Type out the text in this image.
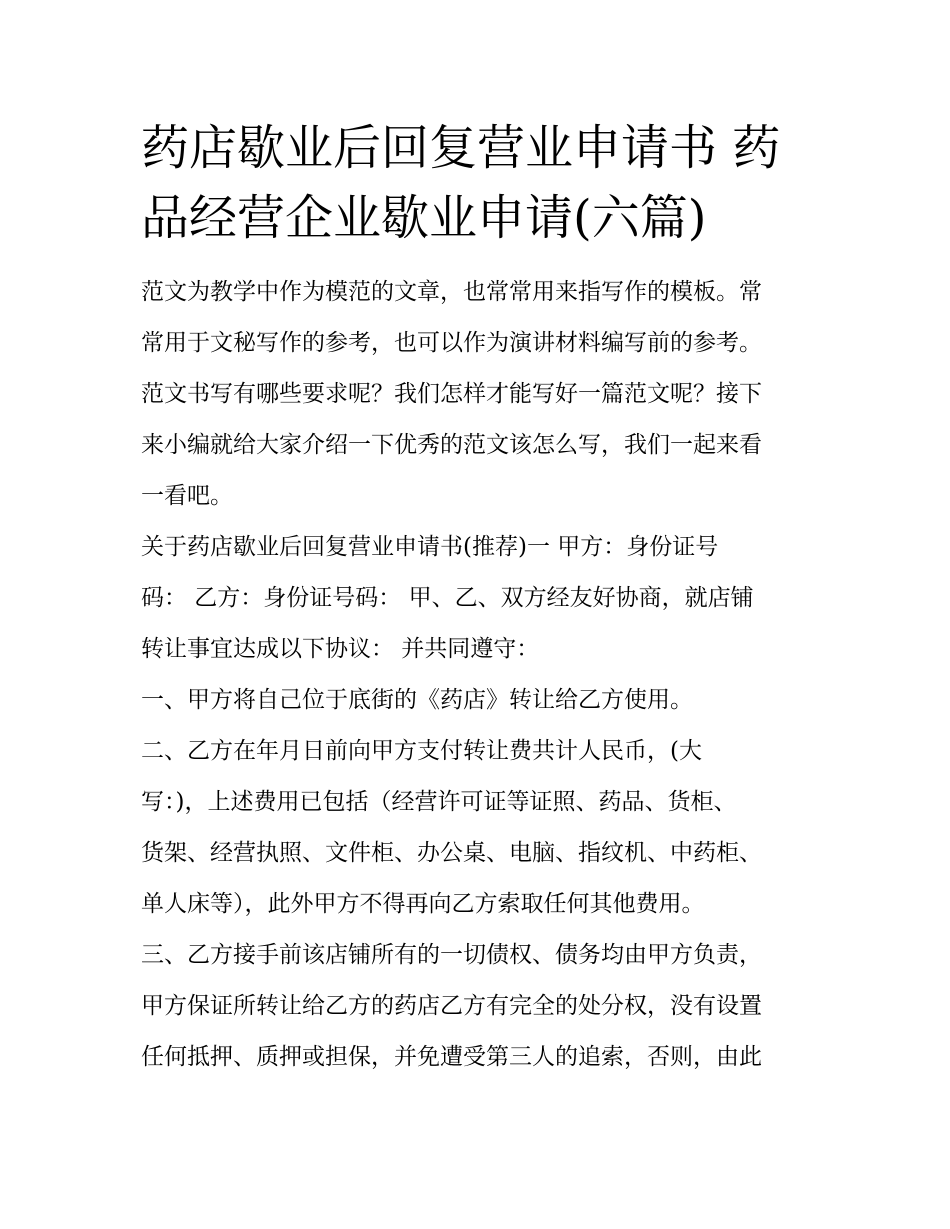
药店歇业后回复营业申请书 药
品经营企业歇业申请(六篇)
范文为教学中作为模范的文章，也常常用来指写作的模板。常
常用于文秘写作的参考，也可以作为演讲材料编写前的参考。
范文书写有哪些要求呢？我们怎样才能写好一篇范文呢？接下
来小编就给大家介绍一下优秀的范文该怎么写，我们一起来看
一看吧。
关于药店歇业后回复营业申请书(推荐)一 甲方：身份证号
码： 乙方：身份证号码： 甲、乙、双方经友好协商，就店铺
转让事宜达成以下协议： 并共同遵守：
一、甲方将自己位于底街的《药店》转让给乙方使用。
二、乙方在年月日前向甲方支付转让费共计人民币，(大
写：)，上述费用已包括（经营许可证等证照、药品、货柜、
货架、经营执照、文件柜、办公桌、电脑、指纹机、中药柜、
单人床等），此外甲方不得再向乙方索取任何其他费用。
三、乙方接手前该店铺所有的一切债权、债务均由甲方负责，
甲方保证所转让给乙方的药店乙方有完全的处分权，没有设置
任何抵押、质押或担保，并免遭受第三人的追索，否则，由此
